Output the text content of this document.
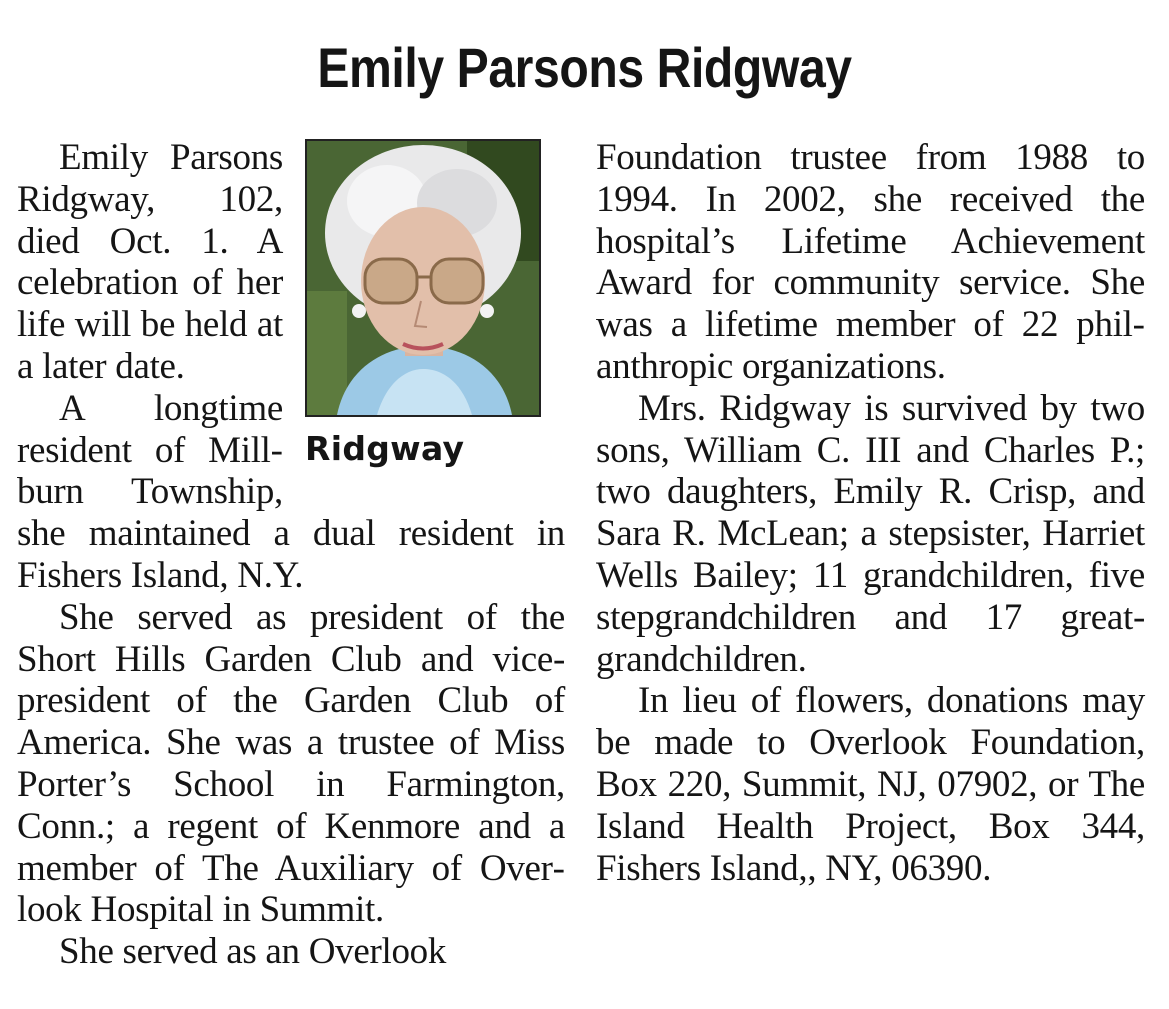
Emily Parsons Ridgway
Ridgway

Emily Parsons Ridgway, 102, died Oct. 1. A celebration of her life will be held at a later date.

A longtime resident of Millburn Township, she maintained a dual resident in Fishers Island, N.Y.

She served as president of the Short Hills Garden Club and vice-president of the Garden Club of America. She was a trustee of Miss Porter’s School in Farmington, Conn.; a regent of Kenmore and a member of The Auxiliary of Overlook Hospital in Summit.

She served as an Overlook

Foundation trustee from 1988 to 1994. In 2002, she received the hospital’s Lifetime Achievement Award for community service. She was a lifetime member of 22 philanthropic organizations.

Mrs. Ridgway is survived by two sons, William C. III and Charles P.; two daughters, Emily R. Crisp, and Sara R. McLean; a stepsister, Harriet Wells Bailey; 11 grandchildren, five stepgrandchildren and 17 great-grandchildren.

In lieu of flowers, donations may be made to Overlook Foundation, Box 220, Summit, NJ, 07902, or The Island Health Project, Box 344, Fishers Island,, NY, 06390.
